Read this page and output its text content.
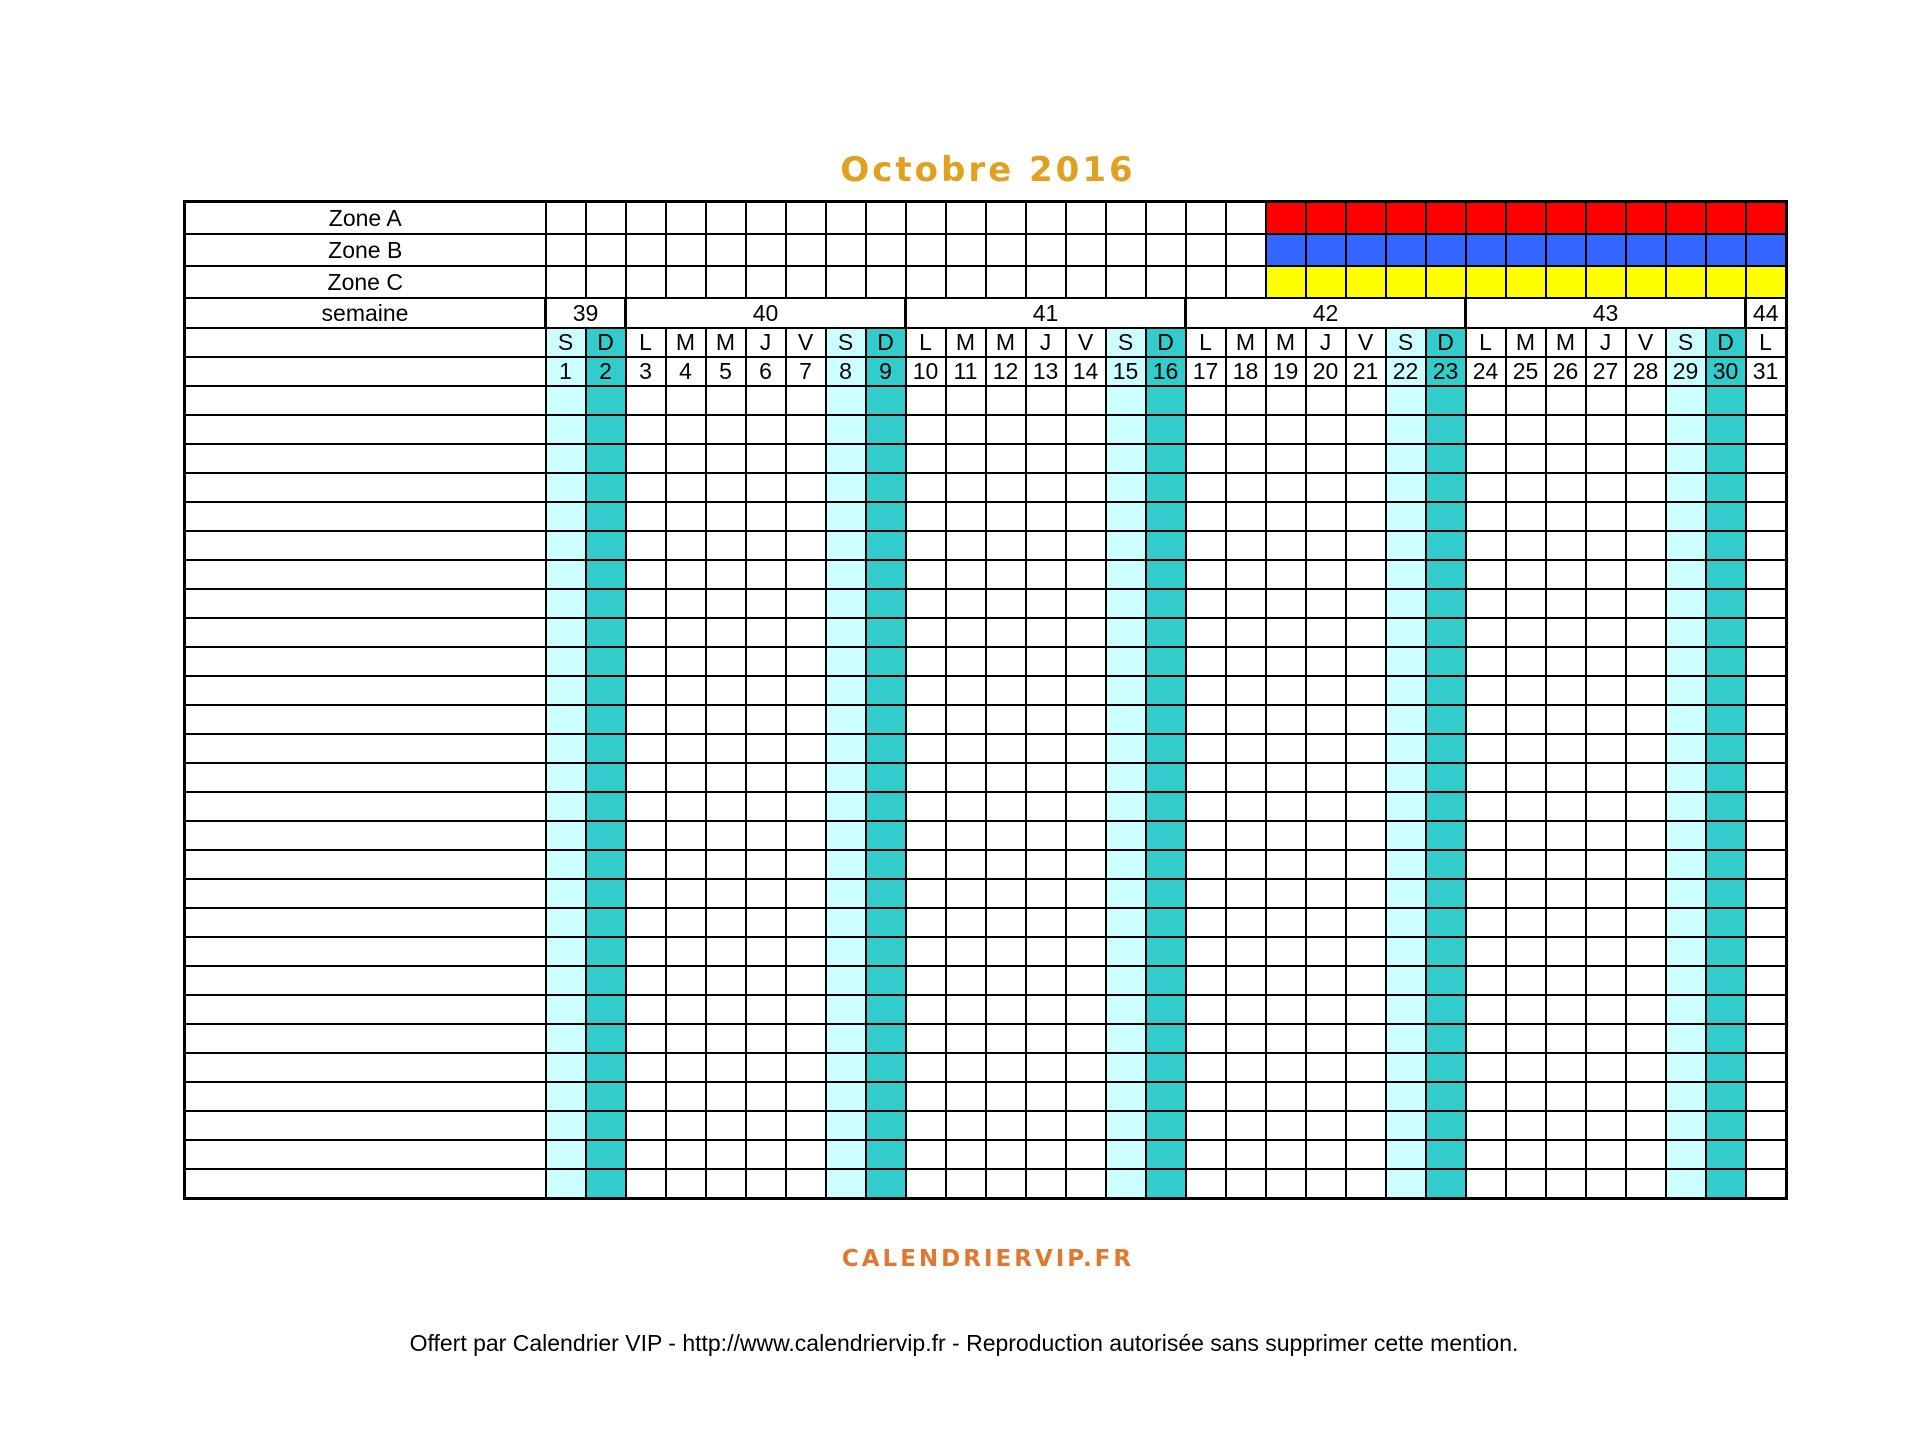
Octobre 2016
Zone A																															
Zone B																															
Zone C																															
semaine	39		40							41							42							43							44
	S	D	L	M	M	J	V	S	D	L	M	M	J	V	S	D	L	M	M	J	V	S	D	L	M	M	J	V	S	D	L
	1	2	3	4	5	6	7	8	9	10	11	12	13	14	15	16	17	18	19	20	21	22	23	24	25	26	27	28	29	30	31

CALENDRIERVIP.FR
Offert par Calendrier VIP - http://www.calendriervip.fr - Reproduction autorisée sans supprimer cette mention.
